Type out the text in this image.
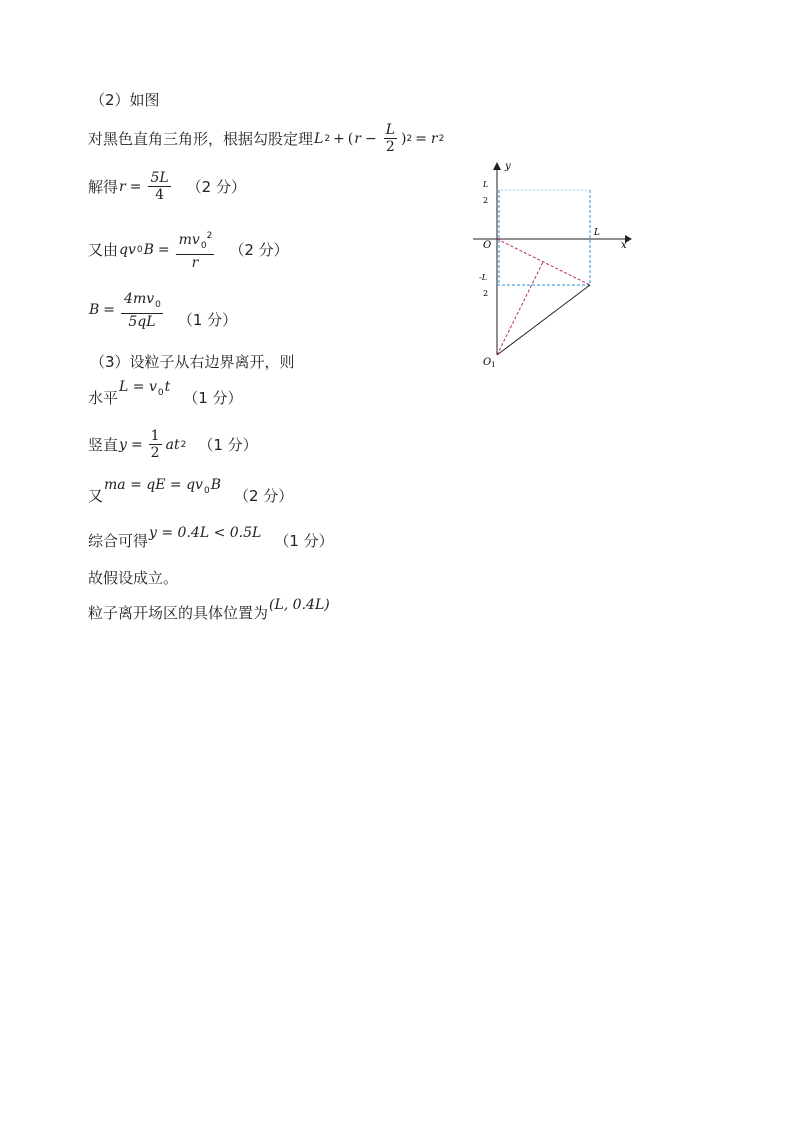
（2）如图
对黑色直角三角形，根据勾股定理 L 2 + ( $r - \frac{L}{2}$ ) 2 = r 2
解得 $r = \frac{5L}{4} (2$ 分）
又由 qv 0 $B = \frac{mv_0^2}{r} (2$ 分）
$B = \frac{4mv_0}{5qL} (1$ 分）
（3）设粒子从右边界离开，则
水平
$L = v_0t$
（1 分）
竖直 $y = \frac{1}{2}$ at 2 （1 分）
又
ma = qE = $qv_0B$
（2 分）
综合可得 y = 0.4L < 0.5L （1 分）
故假设成立。
粒子离开场区的具体位置为 (L, 0.4L)
y
x
O
L
2
L
-L
2
$O_1$
